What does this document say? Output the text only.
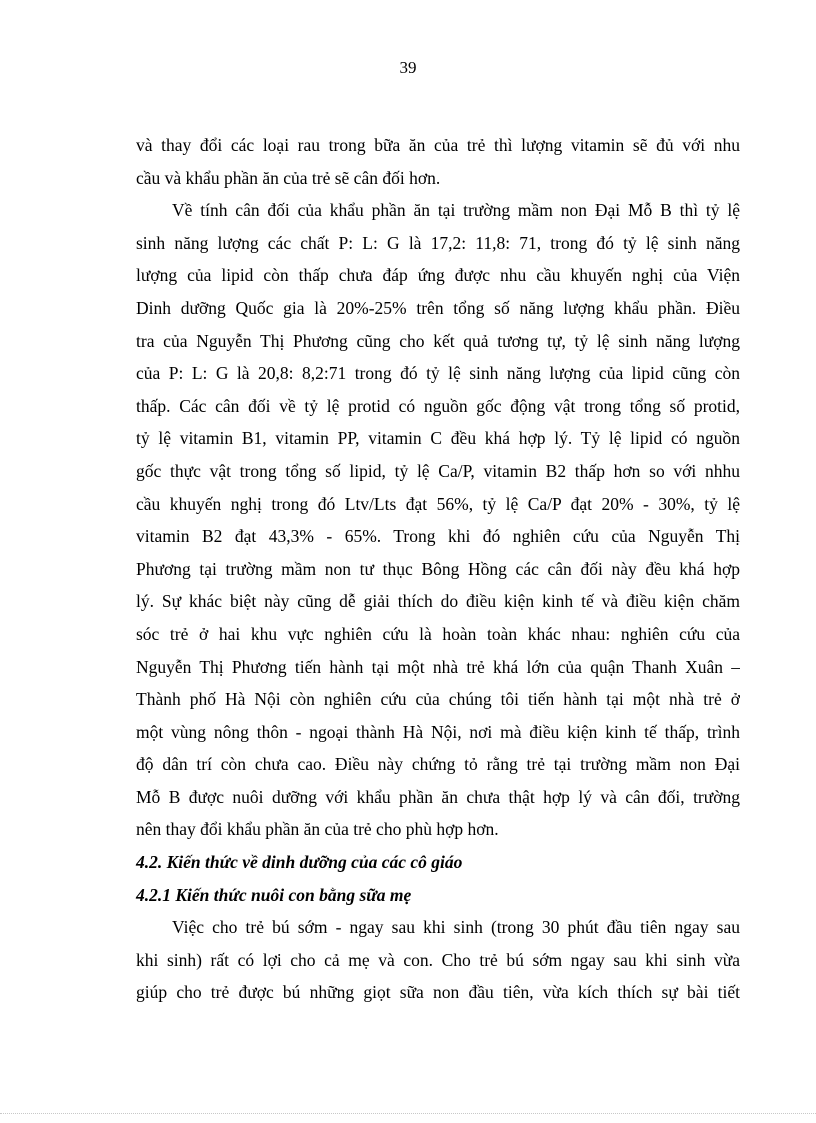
39
và thay đổi các loại rau trong bữa ăn của trẻ thì lượng vitamin sẽ đủ với nhu
cầu và khẩu phần ăn của trẻ sẽ cân đối hơn.
Về tính cân đối của khẩu phần ăn tại trường mầm non Đại Mỗ B thì tỷ lệ
sinh năng lượng các chất P: L: G là 17,2: 11,8: 71, trong đó tỷ lệ sinh năng
lượng của lipid còn thấp chưa đáp ứng được nhu cầu khuyến nghị của Viện
Dinh dưỡng Quốc gia là 20%-25% trên tổng số năng lượng khẩu phần. Điều
tra của Nguyễn Thị Phương cũng cho kết quả tương tự, tỷ lệ sinh năng lượng
của P: L: G là 20,8: 8,2:71 trong đó tỷ lệ sinh năng lượng của lipid cũng còn
thấp. Các cân đối về tỷ lệ protid có nguồn gốc động vật trong tổng số protid,
tỷ lệ vitamin B1, vitamin PP, vitamin C đều khá hợp lý. Tỷ lệ lipid có nguồn
gốc thực vật trong tổng số lipid, tỷ lệ Ca/P, vitamin B2 thấp hơn so với nhhu
cầu khuyến nghị trong đó Ltv/Lts đạt 56%, tỷ lệ Ca/P đạt 20% - 30%, tỷ lệ
vitamin B2 đạt 43,3% - 65%. Trong khi đó nghiên cứu của Nguyễn Thị
Phương tại trường mầm non tư thục Bông Hồng các cân đối này đều khá hợp
lý. Sự khác biệt này cũng dễ giải thích do điều kiện kinh tế và điều kiện chăm
sóc trẻ ở hai khu vực nghiên cứu là hoàn toàn khác nhau: nghiên cứu của
Nguyễn Thị Phương tiến hành tại một nhà trẻ khá lớn của quận Thanh Xuân –
Thành phố Hà Nội còn nghiên cứu của chúng tôi tiến hành tại một nhà trẻ ở
một vùng nông thôn - ngoại thành Hà Nội, nơi mà điều kiện kinh tế thấp, trình
độ dân trí còn chưa cao. Điều này chứng tỏ rằng trẻ tại trường mầm non Đại
Mỗ B được nuôi dưỡng với khẩu phần ăn chưa thật hợp lý và cân đối, trường
nên thay đổi khẩu phần ăn của trẻ cho phù hợp hơn.
4.2. Kiến thức về dinh dưỡng của các cô giáo
4.2.1 Kiến thức nuôi con bằng sữa mẹ
Việc cho trẻ bú sớm - ngay sau khi sinh (trong 30 phút đầu tiên ngay sau
khi sinh) rất có lợi cho cả mẹ và con. Cho trẻ bú sớm ngay sau khi sinh vừa
giúp cho trẻ được bú những giọt sữa non đầu tiên, vừa kích thích sự bài tiết
